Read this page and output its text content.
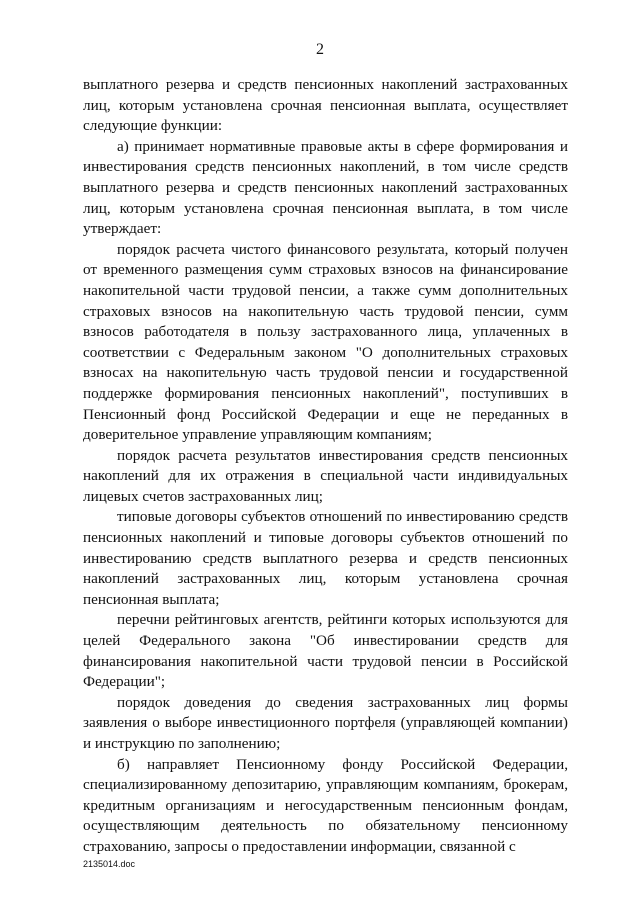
2

выплатного резерва и средств пенсионных накоплений застрахованных лиц, которым установлена срочная пенсионная выплата, осуществляет следующие функции:

а) принимает нормативные правовые акты в сфере формирования и инвестирования средств пенсионных накоплений, в том числе средств выплатного резерва и средств пенсионных накоплений застрахованных лиц, которым установлена срочная пенсионная выплата, в том числе утверждает:

порядок расчета чистого финансового результата, который получен от временного размещения сумм страховых взносов на финансирование накопительной части трудовой пенсии, а также сумм дополнительных страховых взносов на накопительную часть трудовой пенсии, сумм взносов работодателя в пользу застрахованного лица, уплаченных в соответствии с Федеральным законом "О дополнительных страховых взносах на накопительную часть трудовой пенсии и государственной поддержке формирования пенсионных накоплений", поступивших в Пенсионный фонд Российской Федерации и еще не переданных в доверительное управление управляющим компаниям;

порядок расчета результатов инвестирования средств пенсионных накоплений для их отражения в специальной части индивидуальных лицевых счетов застрахованных лиц;

типовые договоры субъектов отношений по инвестированию средств пенсионных накоплений и типовые договоры субъектов отношений по инвестированию средств выплатного резерва и средств пенсионных накоплений застрахованных лиц, которым установлена срочная пенсионная выплата;

перечни рейтинговых агентств, рейтинги которых используются для целей Федерального закона "Об инвестировании средств для финансирования накопительной части трудовой пенсии в Российской Федерации";

порядок доведения до сведения застрахованных лиц формы заявления о выборе инвестиционного портфеля (управляющей компании) и инструкцию по заполнению;

б) направляет Пенсионному фонду Российской Федерации, специализированному депозитарию, управляющим компаниям, брокерам, кредитным организациям и негосударственным пенсионным фондам, осуществляющим деятельность по обязательному пенсионному страхованию, запросы о предоставлении информации, связанной с

2135014.doc
